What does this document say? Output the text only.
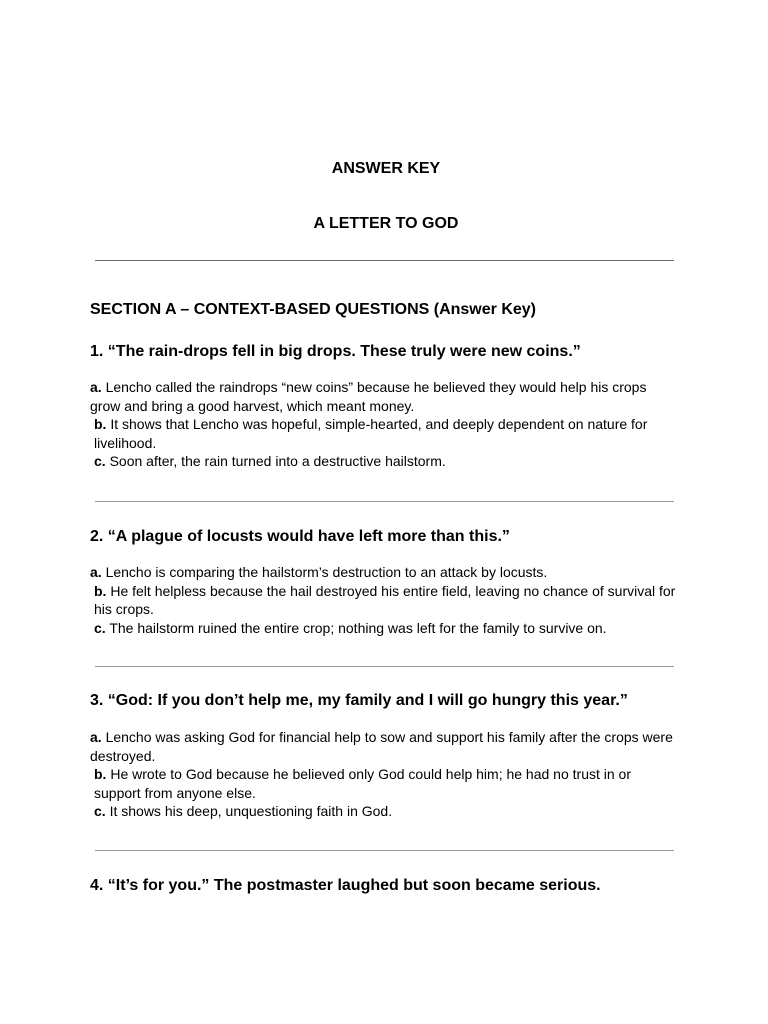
ANSWER KEY
A LETTER TO GOD
SECTION A – CONTEXT-BASED QUESTIONS (Answer Key)
1. “The rain-drops fell in big drops. These truly were new coins.”
a. Lencho called the raindrops “new coins” because he believed they would help his crops grow and bring a good harvest, which meant money.
b. It shows that Lencho was hopeful, simple-hearted, and deeply dependent on nature for livelihood.
c. Soon after, the rain turned into a destructive hailstorm.
2. “A plague of locusts would have left more than this.”
a. Lencho is comparing the hailstorm’s destruction to an attack by locusts.
b. He felt helpless because the hail destroyed his entire field, leaving no chance of survival for his crops.
c. The hailstorm ruined the entire crop; nothing was left for the family to survive on.
3. “God: If you don’t help me, my family and I will go hungry this year.”
a. Lencho was asking God for financial help to sow and support his family after the crops were destroyed.
b. He wrote to God because he believed only God could help him; he had no trust in or support from anyone else.
c. It shows his deep, unquestioning faith in God.
4. “It’s for you.” The postmaster laughed but soon became serious.
